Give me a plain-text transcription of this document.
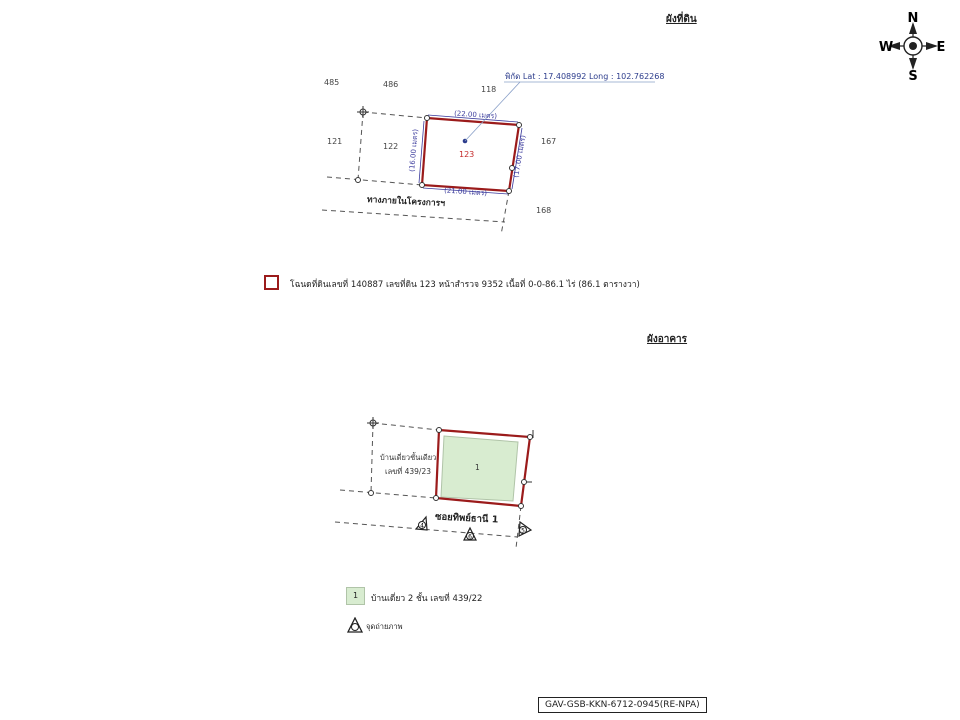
ผังที่ดิน	N
S
W	E
(16.00 เมตร)	(17.00 เมตร)
พิกัด Lat : 17.408992 Long : 102.762268
485	486
118
121
122
123
167
168
(22.00 เมตร)
(21.00 เมตร)
ทางภายในโครงการฯ
โฉนดที่ดินเลขที่ 140887 เลขที่ดิน 123 หน้าสำรวจ 9352 เนื้อที่ 0-0-86.1 ไร่ (86.1 ตารางวา)
ผังอาคาร
4
6
5
บ้านเดี่ยวชั้นเดียว
เลขที่ 439/23	1
ซอยทิพย์ธานี 1
1	บ้านเดี่ยว 2 ชั้น เลขที่ 439/22
จุดถ่ายภาพ
GAV-GSB-KKN-6712-0945(RE-NPA)
